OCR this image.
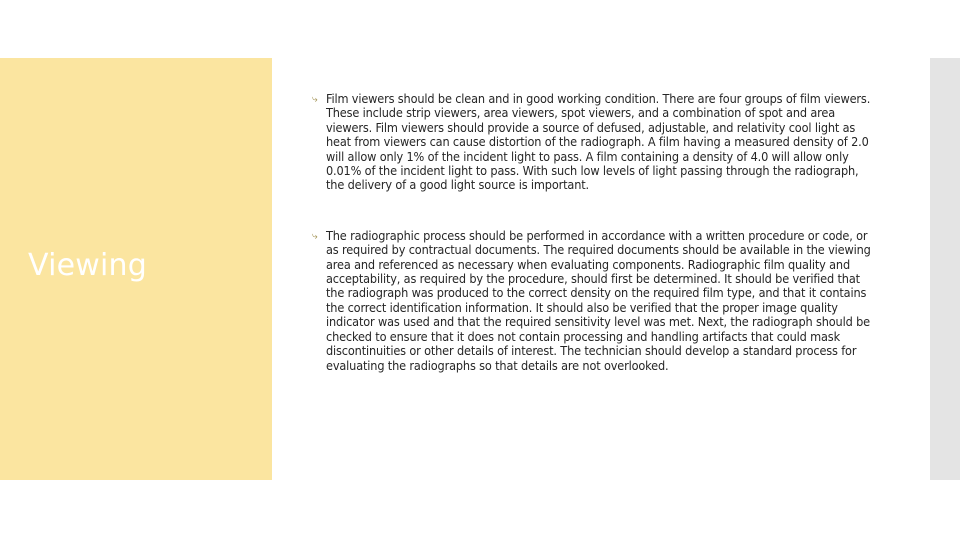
Viewing
⤷ Film viewers should be clean and in good working condition. There are four groups of film viewers. These include strip viewers, area viewers, spot viewers, and a combination of spot and area viewers. Film viewers should provide a source of defused, adjustable, and relativity cool light as heat from viewers can cause distortion of the radiograph. A film having a measured density of 2.0 will allow only 1% of the incident light to pass. A film containing a density of 4.0 will allow only 0.01% of the incident light to pass. With such low levels of light passing through the radiograph, the delivery of a good light source is important.
⤷ The radiographic process should be performed in accordance with a written procedure or code, or as required by contractual documents. The required documents should be available in the viewing area and referenced as necessary when evaluating components. Radiographic film quality and acceptability, as required by the procedure, should first be determined. It should be verified that the radiograph was produced to the correct density on the required film type, and that it contains the correct identification information. It should also be verified that the proper image quality indicator was used and that the required sensitivity level was met. Next, the radiograph should be checked to ensure that it does not contain processing and handling artifacts that could mask discontinuities or other details of interest. The technician should develop a standard process for evaluating the radiographs so that details are not overlooked.
